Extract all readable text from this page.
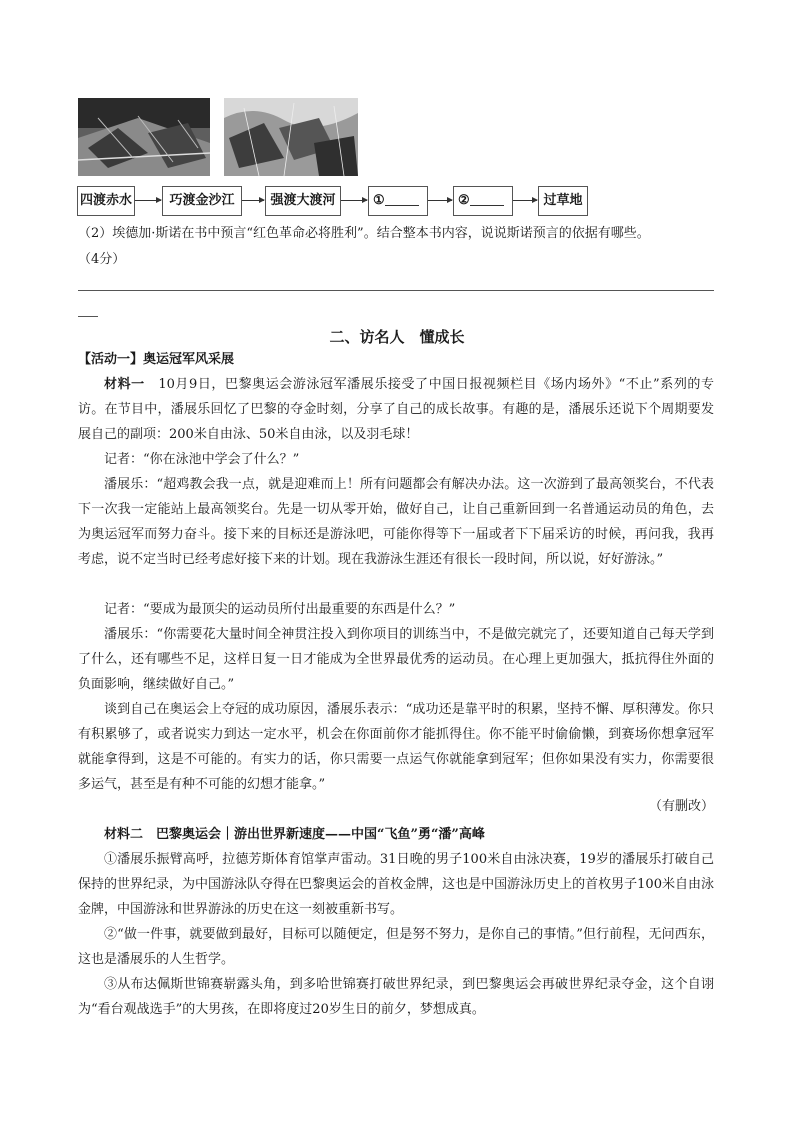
四渡赤水	巧渡金沙江	强渡大渡河	①	②	过草地
（2）埃德加·斯诺在书中预言“红色革命必将胜利”。结合整本书内容，说说斯诺预言的依据有哪些。
（4分）
二、访名人　懂成长
【活动一】奥运冠军风采展
材料一　 10月9日，巴黎奥运会游泳冠军潘展乐接受了中国日报视频栏目《场内场外》“不止”系列的专访。在节目中，潘展乐回忆了巴黎的夺金时刻，分享了自己的成长故事。有趣的是，潘展乐还说下个周期要发展自己的副项：200米自由泳、50米自由泳，以及羽毛球！
记者：“你在泳池中学会了什么？”
潘展乐：“超鸡教会我一点，就是迎难而上！所有问题都会有解决办法。这一次游到了最高领奖台，不代表下一次我一定能站上最高领奖台。先是一切从零开始，做好自己，让自己重新回到一名普通运动员的角色，去为奥运冠军而努力奋斗。接下来的目标还是游泳吧，可能你得等下一届或者下下届采访的时候，再问我，我再考虑，说不定当时已经考虑好接下来的计划。现在我游泳生涯还有很长一段时间，所以说，好好游泳。”
记者：“要成为最顶尖的运动员所付出最重要的东西是什么？”
潘展乐：“你需要花大量时间全神贯注投入到你项目的训练当中，不是做完就完了，还要知道自己每天学到了什么，还有哪些不足，这样日复一日才能成为全世界最优秀的运动员。在心理上更加强大，抵抗得住外面的负面影响，继续做好自己。”
谈到自己在奥运会上夺冠的成功原因，潘展乐表示：“成功还是靠平时的积累，坚持不懈、厚积薄发。你只有积累够了，或者说实力到达一定水平，机会在你面前你才能抓得住。你不能平时偷偷懒，到赛场你想拿冠军就能拿得到，这是不可能的。有实力的话，你只需要一点运气你就能拿到冠军；但你如果没有实力，你需要很多运气，甚至是有种不可能的幻想才能拿。”
（有删改）
材料二　巴黎奥运会｜游出世界新速度——中国“飞鱼”勇“潘”高峰
①潘展乐振臂高呼，拉德芳斯体育馆掌声雷动。31日晚的男子100米自由泳决赛，19岁的潘展乐打破自己保持的世界纪录，为中国游泳队夺得在巴黎奥运会的首枚金牌，这也是中国游泳历史上的首枚男子100米自由泳金牌，中国游泳和世界游泳的历史在这一刻被重新书写。
②“做一件事，就要做到最好，目标可以随便定，但是努不努力，是你自己的事情。”但行前程，无问西东，这也是潘展乐的人生哲学。
③从布达佩斯世锦赛崭露头角，到多哈世锦赛打破世界纪录，到巴黎奥运会再破世界纪录夺金，这个自诩为“看台观战选手”的大男孩，在即将度过20岁生日的前夕，梦想成真。
